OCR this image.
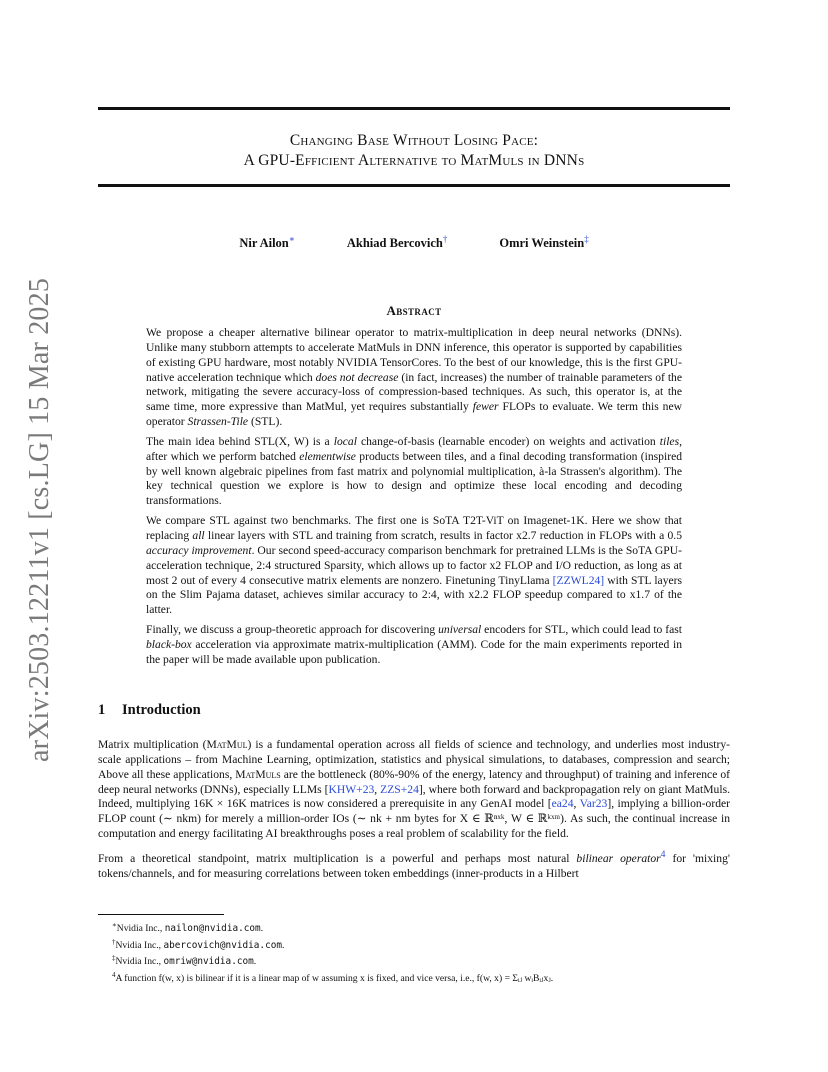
arXiv:2503.12211v1 [cs.LG] 15 Mar 2025
Changing Base Without Losing Pace:
A GPU-Efficient Alternative to MatMuls in DNNs
Nir Ailon∗	Akhiad Bercovich†	Omri Weinstein‡
Abstract

We propose a cheaper alternative bilinear operator to matrix-multiplication in deep neural networks (DNNs). Unlike many stubborn attempts to accelerate MatMuls in DNN inference, this operator is supported by capabilities of existing GPU hardware, most notably NVIDIA TensorCores. To the best of our knowledge, this is the first GPU-native acceleration technique which does not decrease (in fact, increases) the number of trainable parameters of the network, mitigating the severe accuracy-loss of compression-based techniques. As such, this operator is, at the same time, more expressive than MatMul, yet requires substantially fewer FLOPs to evaluate. We term this new operator Strassen-Tile (STL).

The main idea behind STL(X, W) is a local change-of-basis (learnable encoder) on weights and activation tiles, after which we perform batched elementwise products between tiles, and a final decoding transformation (inspired by well known algebraic pipelines from fast matrix and polynomial multiplication, à-la Strassen's algorithm). The key technical question we explore is how to design and optimize these local encoding and decoding transformations.

We compare STL against two benchmarks. The first one is SoTA T2T-ViT on Imagenet-1K. Here we show that replacing all linear layers with STL and training from scratch, results in factor x2.7 reduction in FLOPs with a 0.5 accuracy improvement. Our second speed-accuracy comparison benchmark for pretrained LLMs is the SoTA GPU-acceleration technique, 2:4 structured Sparsity, which allows up to factor x2 FLOP and I/O reduction, as long as at most 2 out of every 4 consecutive matrix elements are nonzero. Finetuning TinyLlama [ZZWL24] with STL layers on the Slim Pajama dataset, achieves similar accuracy to 2:4, with x2.2 FLOP speedup compared to x1.7 of the latter.

Finally, we discuss a group-theoretic approach for discovering universal encoders for STL, which could lead to fast black-box acceleration via approximate matrix-multiplication (AMM). Code for the main experiments reported in the paper will be made available upon publication.

1 Introduction

Matrix multiplication (MatMul) is a fundamental operation across all fields of science and technology, and underlies most industry-scale applications – from Machine Learning, optimization, statistics and physical simulations, to databases, compression and search; Above all these applications, MatMuls are the bottleneck (80%-90% of the energy, latency and throughput) of training and inference of deep neural networks (DNNs), especially LLMs [KHW+23, ZZS+24], where both forward and backpropagation rely on giant MatMuls. Indeed, multiplying 16K × 16K matrices is now considered a prerequisite in any GenAI model [ea24, Var23], implying a billion-order FLOP count (∼ nkm) for merely a million-order IOs (∼ nk + nm bytes for X ∈ ℝⁿˣᵏ, W ∈ ℝᵏˣᵐ). As such, the continual increase in computation and energy facilitating AI breakthroughs poses a real problem of scalability for the field.

From a theoretical standpoint, matrix multiplication is a powerful and perhaps most natural bilinear operator$^4$ for 'mixing' tokens/channels, and for measuring correlations between token embeddings (inner-products in a Hilbert

∗Nvidia Inc., nailon@nvidia.com.
†Nvidia Inc., abercovich@nvidia.com.
‡Nvidia Inc., omriw@nvidia.com.
$^4$A function f(w, x) is bilinear if it is a linear map of w assuming x is fixed, and vice versa, i.e., f(w, x) = Σᵢⱼ wᵢBᵢⱼxⱼ.
